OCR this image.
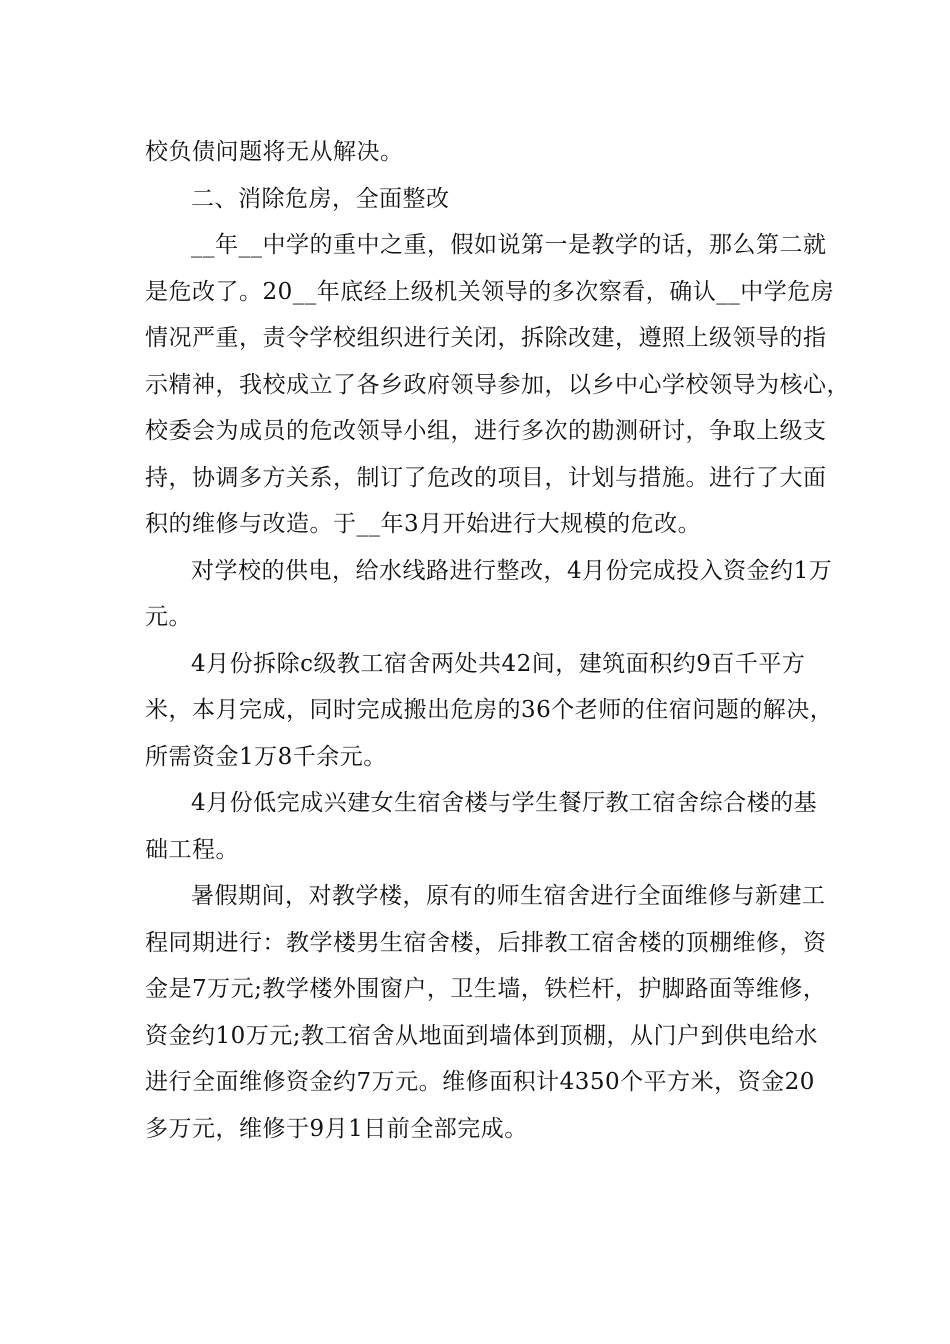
校负债问题将无从解决。
二、消除危房，全面整改
__年__中学的重中之重，假如说第一是教学的话，那么第二就
是危改了。20__年底经上级机关领导的多次察看，确认__中学危房
情况严重，责令学校组织进行关闭，拆除改建，遵照上级领导的指
示精神，我校成立了各乡政府领导参加，以乡中心学校领导为核心，
校委会为成员的危改领导小组，进行多次的勘测研讨，争取上级支
持，协调多方关系，制订了危改的项目，计划与措施。进行了大面
积的维修与改造。于__年3月开始进行大规模的危改。
对学校的供电，给水线路进行整改，4月份完成投入资金约1万
元。
4月份拆除c级教工宿舍两处共42间，建筑面积约9百千平方
米，本月完成，同时完成搬出危房的36个老师的住宿问题的解决，
所需资金1万8千余元。
4月份低完成兴建女生宿舍楼与学生餐厅教工宿舍综合楼的基
础工程。
暑假期间，对教学楼，原有的师生宿舍进行全面维修与新建工
程同期进行：教学楼男生宿舍楼，后排教工宿舍楼的顶棚维修，资
金是7万元;教学楼外围窗户，卫生墙，铁栏杆，护脚路面等维修，
资金约10万元;教工宿舍从地面到墙体到顶棚，从门户到供电给水
进行全面维修资金约7万元。维修面积计4350个平方米，资金20
多万元，维修于9月1日前全部完成。
